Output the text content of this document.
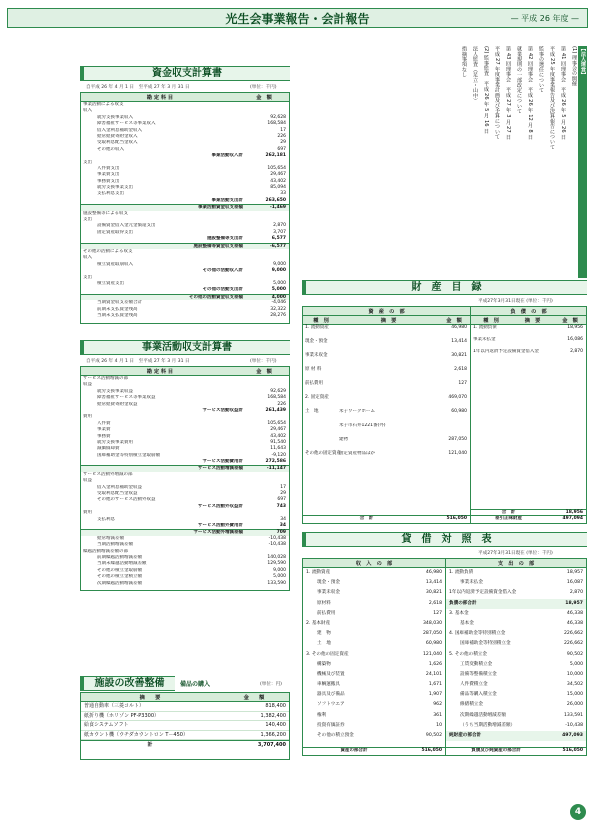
光生会事業報告・会計報告	— 平成 26 年度 —
資金収支計算書
自平成 26 年 4 月 1 日　至平成 27 年 3 月 31 日	(単位：千円)
勘 定 科 目	金　額
事業活動による収支
収入
就労支援事業収入	92,628
障害福祉サービス等事業収入	168,584
借入金利息補助金収入	17
経常経費寄附金収入	226
受取利息配当金収入	29
その他の収入	697
事業活動収入計	262,181
支出
人件費支出	105,654
事業費支出	29,467
事務費支出	43,402
就労支援事業支出	85,094
支払利息支出	33
事業活動支出計	263,650
事業活動資金収支差額	-1,469
施設整備等による収支
支出
設備資金借入金元金償還支出	2,870
固定資産取得支出	3,707
施設整備等支出計	6,577
施設整備等資金収支差額	-6,577
その他の活動による収支
収入
積立資産取崩収入	9,000
その他の活動収入計	9,000
支出
積立資産支出	5,000
その他の活動支出計	5,000
その他の活動資金収支差額	4,000
当期資金収支差額合計	-4,046
前期末支払資金残高	32,322
当期末支払資金残高	28,276
事業活動収支計算書
自平成 26 年 4 月 1 日　至平成 27 年 3 月 31 日	(単位：千円)
勘 定 科 目	金　額
サービス活動増減の部
収益
就労支援事業収益	92,629
障害福祉サービス等事業収益	168,584
経常経費寄附金収益	226
サービス活動収益計	261,439
費用
人件費	105,654
事業費	29,467
事務費	43,402
就労支援事業費用	91,540
減価償却費	11,643
国庫補助金等特別積立金取崩額	-9,120
サービス活動費用計	272,586
サービス活動増減差額	-11,147
サービス活動外増減の部
収益
借入金利息補助金収益	17
受取利息配当金収益	29
その他のサービス活動外収益	697
サービス活動外収益計	743
費用
支払利息	34
サービス活動外費用計	34
サービス活動外増減差額	709
経常増減差額	-10,438
当期活動増減差額	-10,438
繰越活動増減差額の部
前期繰越活動増減差額	140,028
当期末繰越活動増減差額	129,590
その他の積立金取崩額	9,000
その他の積立金積立額	5,000
次期繰越活動増減差額	133,590
施設の改善整備	備品の購入	(単位：円)
摘　　要	金　　額
普通自動車（三菱コルト）	818,400
紙折り機（ホリゾン PF-P3300）	1,382,400
給食システムソフト	140,400
紙カウント機（ウチダカウントロン T－450）	1,366,200
計	3,707,400
【法人運営】
(1) 理事会の開催
第 41 回理事会　平成 26 年 5 月 26 日
平成 25 年度事業報告及び決算報告について
監事の選任について
第 42 回理事会　平成 26 年 12 月 8 日
就業規則の一部改定について
第 43 回理事会　平成 27 年 3 月 27 日
平成 27 年度事業計画及び予算について
(2) 監事監査　平成 26 年 5 月 16 日
法人監査（足立・山中）
指摘事項なし
財　産　目　録
平成27年3月31日現在 (単位：千円)
資　産　の　部
種　別	摘　要	金　額
1. 流動資産	46,980
現金・預金	13,414
事業未収金	30,821
原 材 料	2,618
前払費用	127
2. 固定資産	469,070
土　地	米子ワークホーム	60,980
米子市石井1221番(外)
建物	287,050
その他の固定資産
固定資産物品ほか	121,040
合　計	516,050
負　債　の　部
種　別	摘　要	金　額
1. 流動負債	18,956
事業未払金	16,086
1年以内返済予定設備資金借入金	2,870
合　計	18,956
差引正味財産	497,094
貸　借　対　照　表
平成27年3月31日現在 (単位：千円)
収　入　の　部
1. 流動資産	46,980
現金・預金	13,414
事業未収金	30,821
原材料	2,618
前払費用	127
2. 基本財産	348,030
建　物	287,050
土　地	60,980
3. その他の固定資産	121,040
構築物	1,626
機械及び装置	24,101
車輌運搬具	1,671
器具及び備品	1,907
ソフトウエア	962
権利	361
投資有価証券	10
その他の積立預金	90,502
資産の部合計	516,050
支　出　の　部
1. 流動負債	18,957
事業未払金	16,087
1年以内返済予定設備資金借入金	2,870
負債の部合計	18,957
3. 基本金	46,338
基本金	46,338
4. 国庫補助金等特別積立金	226,662
国庫補助金等特別積立金	226,662
5. その他の積立金	90,502
工賃変動積立金	5,000
設備等整備積立金	10,000
人件費積立金	34,502
備品等購入積立金	15,000
修繕積立金	26,000
次期繰越活動増減差額	133,591
（うち当期活動増減差額）	-10,438
純財産の部合計	497,093
負債及び純資産の部合計	516,050
4
